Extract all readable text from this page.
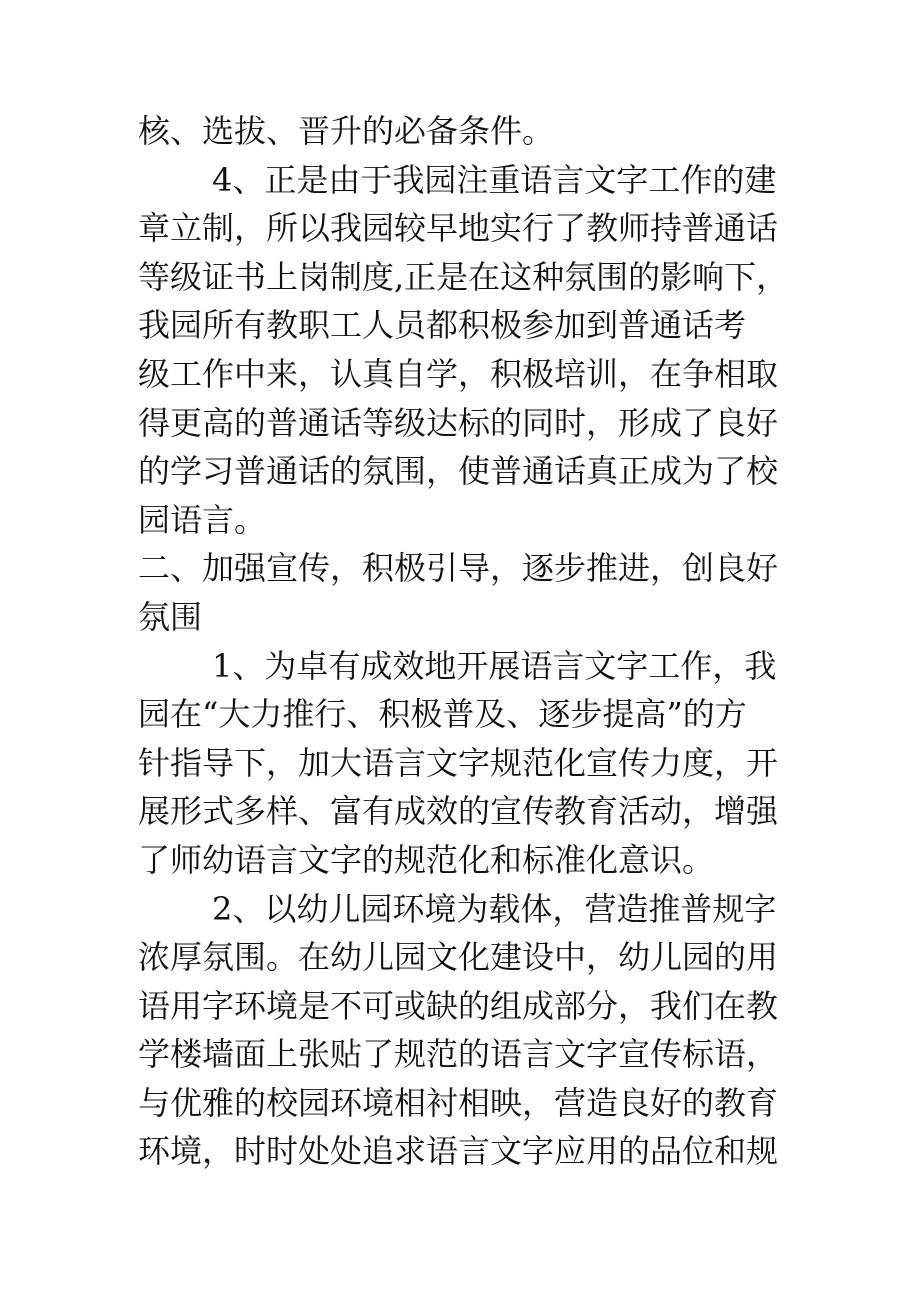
核、选拔、晋升的必备条件。
4、正是由于我园注重语言文字工作的建
章立制，所以我园较早地实行了教师持普通话
等级证书上岗制度,正是在这种氛围的影响下，
我园所有教职工人员都积极参加到普通话考
级工作中来，认真自学，积极培训，在争相取
得更高的普通话等级达标的同时，形成了良好
的学习普通话的氛围，使普通话真正成为了校
园语言。
二、加强宣传，积极引导，逐步推进，创良好
氛围
1、为卓有成效地开展语言文字工作，我
园在“大力推行、积极普及、逐步提高”的方
针指导下，加大语言文字规范化宣传力度，开
展形式多样、富有成效的宣传教育活动，增强
了师幼语言文字的规范化和标准化意识。
2、以幼儿园环境为载体，营造推普规字
浓厚氛围。在幼儿园文化建设中，幼儿园的用
语用字环境是不可或缺的组成部分，我们在教
学楼墙面上张贴了规范的语言文字宣传标语，
与优雅的校园环境相衬相映，营造良好的教育
环境，时时处处追求语言文字应用的品位和规
